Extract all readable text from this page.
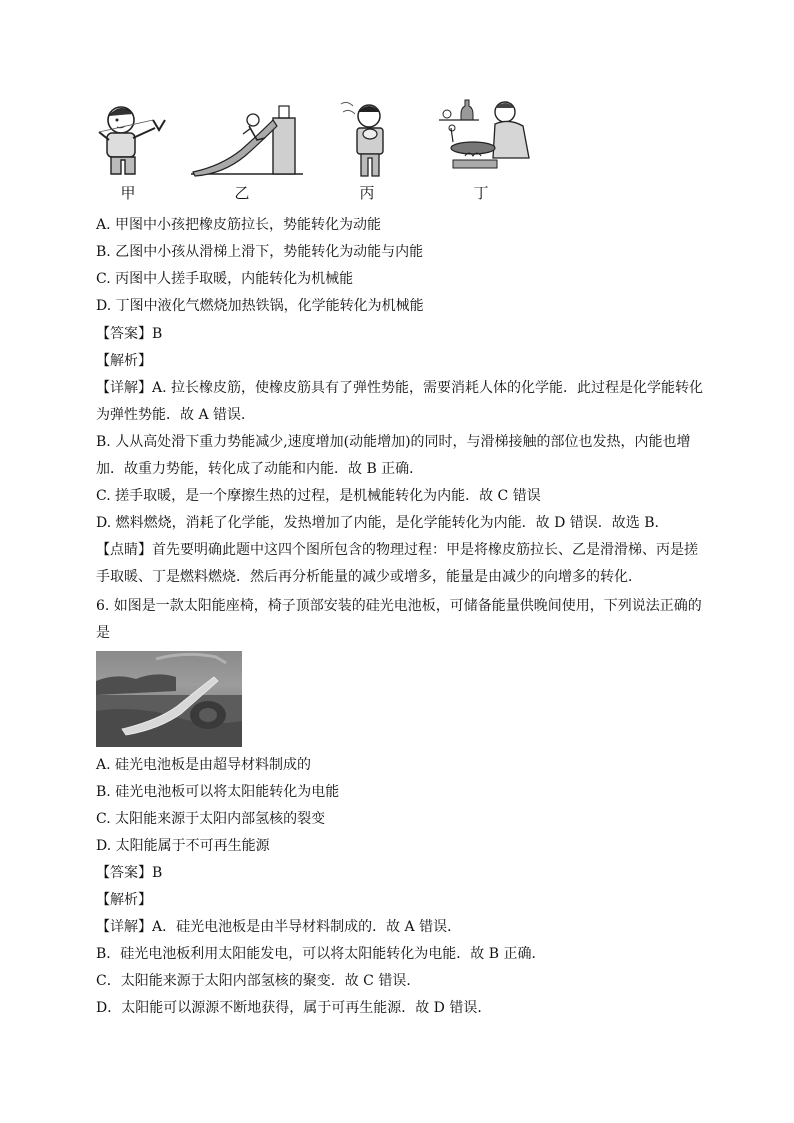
甲	乙	丙	丁
A. 甲图中小孩把橡皮筋拉长，势能转化为动能
B. 乙图中小孩从滑梯上滑下，势能转化为动能与内能
C. 丙图中人搓手取暖，内能转化为机械能
D. 丁图中液化气燃烧加热铁锅，化学能转化为机械能
【答案】B
【解析】
【详解】A. 拉长橡皮筋，使橡皮筋具有了弹性势能，需要消耗人体的化学能．此过程是化学能转化
为弹性势能．故 A 错误．
B. 人从高处滑下重力势能减少,速度增加(动能增加)的同时，与滑梯接触的部位也发热，内能也增
加．故重力势能，转化成了动能和内能．故 B 正确．
C. 搓手取暖，是一个摩擦生热的过程，是机械能转化为内能．故 C 错误
D. 燃料燃烧，消耗了化学能，发热增加了内能，是化学能转化为内能．故 D 错误．故选 B.
【点睛】首先要明确此题中这四个图所包含的物理过程：甲是将橡皮筋拉长、乙是滑滑梯、丙是搓
手取暖、丁是燃料燃烧．然后再分析能量的减少或增多，能量是由减少的向增多的转化．
6. 如图是一款太阳能座椅，椅子顶部安装的硅光电池板，可储备能量供晚间使用，下列说法正确的
是
A. 硅光电池板是由超导材料制成的
B. 硅光电池板可以将太阳能转化为电能
C. 太阳能来源于太阳内部氢核的裂变
D. 太阳能属于不可再生能源
【答案】B
【解析】
【详解】A．硅光电池板是由半导材料制成的．故 A 错误．
B．硅光电池板利用太阳能发电，可以将太阳能转化为电能．故 B 正确．
C．太阳能来源于太阳内部氢核的聚变．故 C 错误．
D．太阳能可以源源不断地获得，属于可再生能源．故 D 错误．
